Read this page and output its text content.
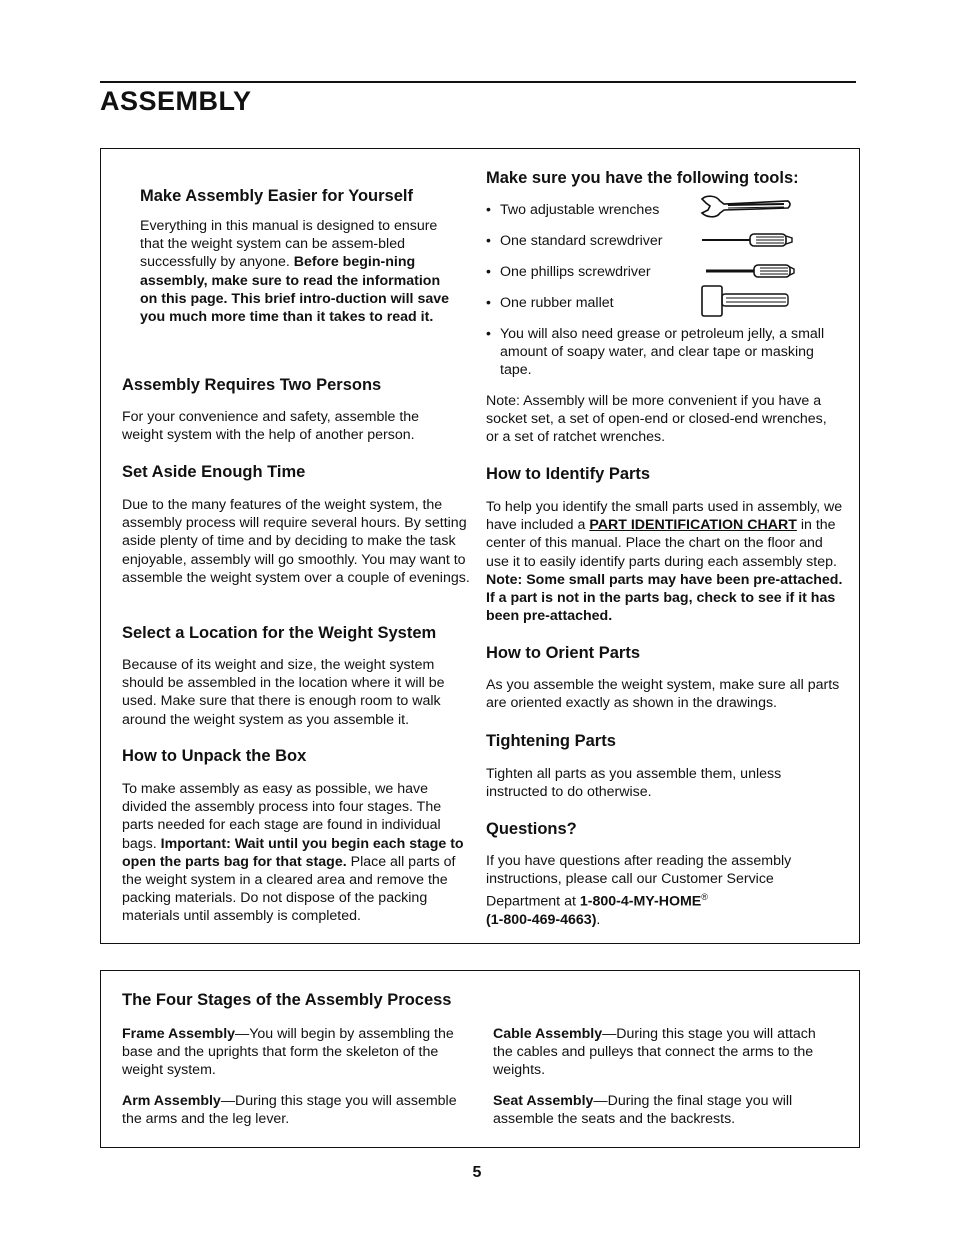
ASSEMBLY
Make Assembly Easier for Yourself

Everything in this manual is designed to ensure that the weight system can be assem-bled successfully by anyone. Before begin-ning assembly, make sure to read the information on this page. This brief intro-duction will save you much more time than it takes to read it.

Assembly Requires Two Persons

For your convenience and safety, assemble the weight system with the help of another person.

Set Aside Enough Time

Due to the many features of the weight system, the assembly process will require several hours. By setting aside plenty of time and by deciding to make the task enjoyable, assembly will go smoothly. You may want to assemble the weight system over a couple of evenings.

Select a Location for the Weight System

Because of its weight and size, the weight system should be assembled in the location where it will be used. Make sure that there is enough room to walk around the weight system as you assemble it.

How to Unpack the Box

To make assembly as easy as possible, we have divided the assembly process into four stages. The parts needed for each stage are found in individual bags. Important: Wait until you begin each stage to open the parts bag for that stage. Place all parts of the weight system in a cleared area and remove the packing materials. Do not dispose of the packing materials until assembly is completed.

Make sure you have the following tools:
• Two adjustable wrenches
• One standard screwdriver
• One phillips screwdriver
• One rubber mallet
• You will also need grease or petroleum jelly, a small amount of soapy water, and clear tape or masking tape.

Note: Assembly will be more convenient if you have a socket set, a set of open-end or closed-end wrenches, or a set of ratchet wrenches.

How to Identify Parts

To help you identify the small parts used in assembly, we have included a PART IDENTIFICATION CHART in the center of this manual. Place the chart on the floor and use it to easily identify parts during each assembly step. Note: Some small parts may have been pre-attached. If a part is not in the parts bag, check to see if it has been pre-attached.

How to Orient Parts

As you assemble the weight system, make sure all parts are oriented exactly as shown in the drawings.

Tightening Parts

Tighten all parts as you assemble them, unless instructed to do otherwise.

Questions?

If you have questions after reading the assembly instructions, please call our Customer Service Department at 1-800-4-MY-HOME®
(1-800-469-4663).

The Four Stages of the Assembly Process

Frame Assembly—You will begin by assembling the base and the uprights that form the skeleton of the weight system.

Arm Assembly—During this stage you will assemble the arms and the leg lever.

Cable Assembly—During this stage you will attach the cables and pulleys that connect the arms to the weights.

Seat Assembly—During the final stage you will assemble the seats and the backrests.

5
